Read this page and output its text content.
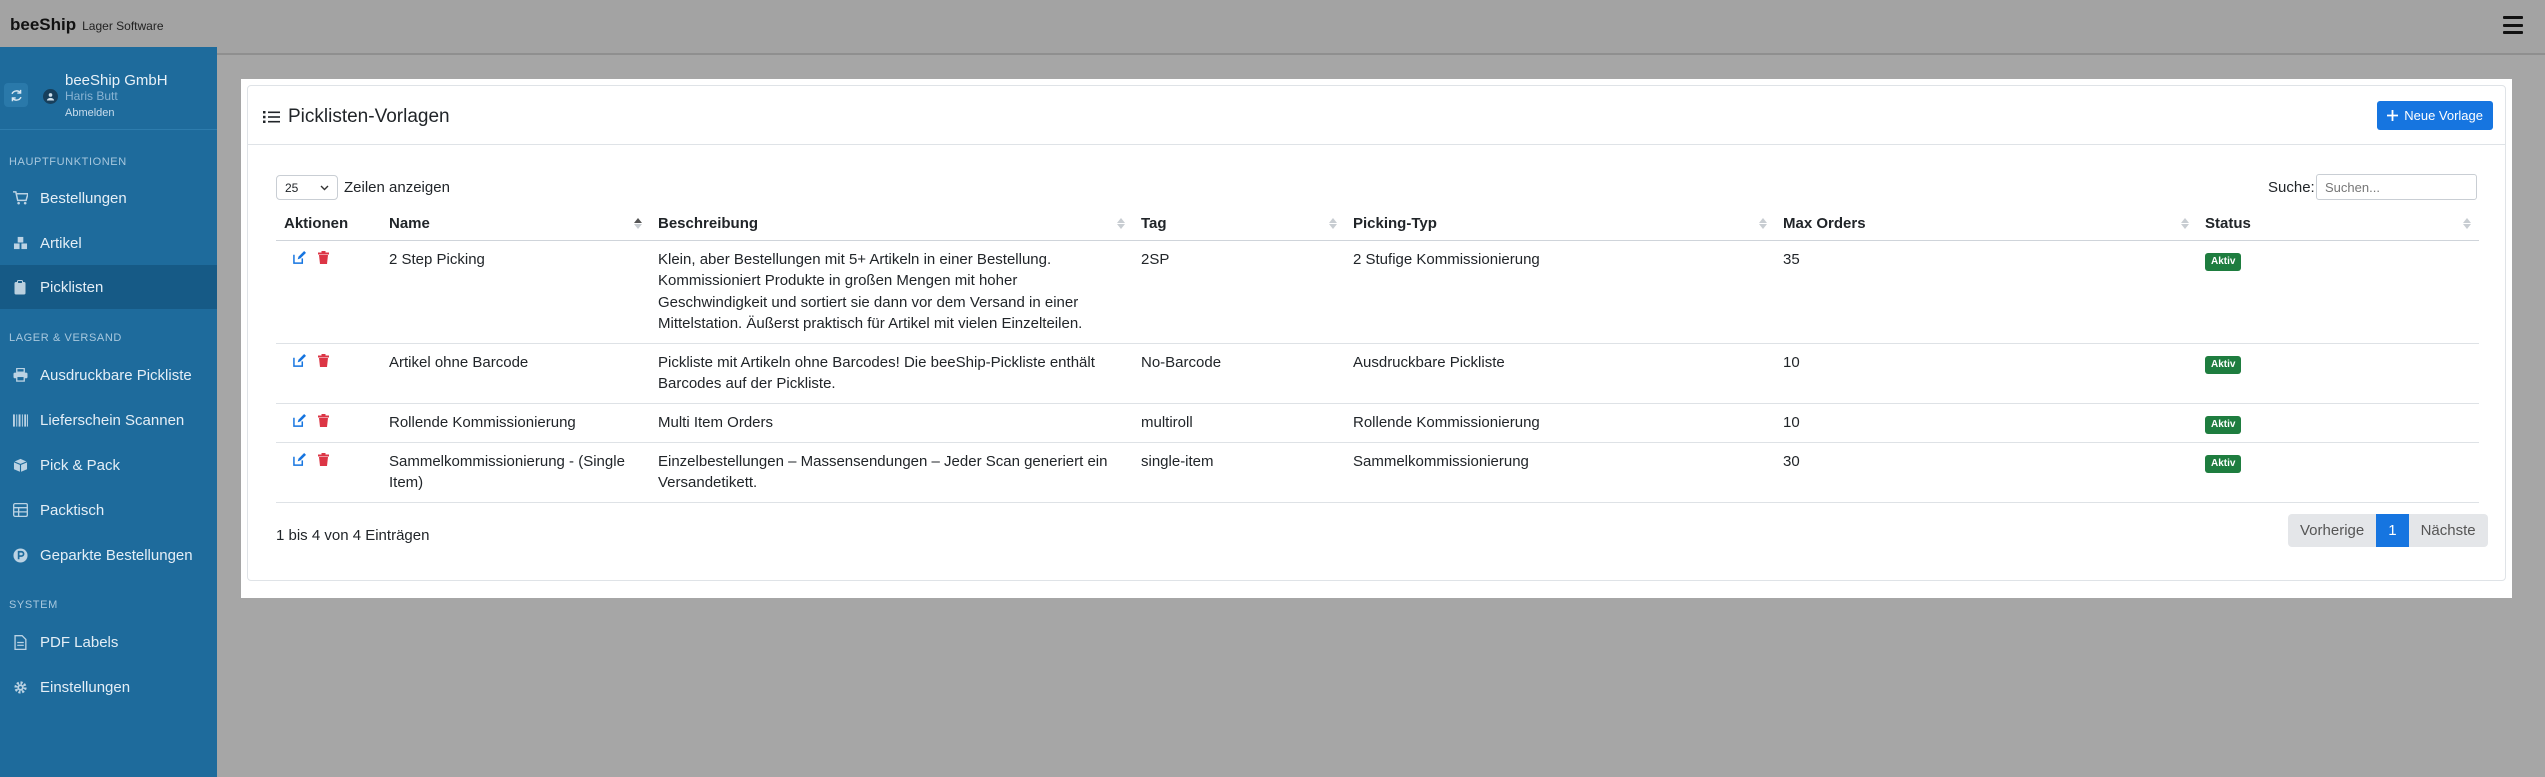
beeShip Lager Software
beeShip GmbH
Haris Butt
Abmelden
HAUPTFUNKTIONEN
Bestellungen
Artikel
Picklisten
LAGER & VERSAND
Ausdruckbare Pickliste
Lieferschein Scannen
Pick & Pack
Packtisch
Geparkte Bestellungen
SYSTEM
PDF Labels
Einstellungen
Picklisten-Vorlagen	Neue Vorlage
25	Zeilen anzeigen	Suche:
Suchen...
Aktionen	Name	Beschreibung	Tag	Picking-Typ	Max Orders	Status

	2 Step Picking	Klein, aber Bestellungen mit 5+ Artikeln in einer Bestellung. Kommissioniert Produkte in großen Mengen mit hoher Geschwindigkeit und sortiert sie dann vor dem Versand in einer Mittelstation. Äußerst praktisch für Artikel mit vielen Einzelteilen.	2SP	2 Stufige Kommissionierung	35	Aktiv

	Artikel ohne Barcode	Pickliste mit Artikeln ohne Barcodes! Die beeShip-Pickliste enthält Barcodes auf der Pickliste.	No-Barcode	Ausdruckbare Pickliste	10	Aktiv

	Rollende Kommissionierung	Multi Item Orders	multiroll	Rollende Kommissionierung	10	Aktiv

	Sammelkommissionierung - (Single Item)	Einzelbestellungen – Massensendungen – Jeder Scan generiert ein Versandetikett.	single-item	Sammelkommissionierung	30	Aktiv
1 bis 4 von 4 Einträgen	Vorherige	1	Nächste
